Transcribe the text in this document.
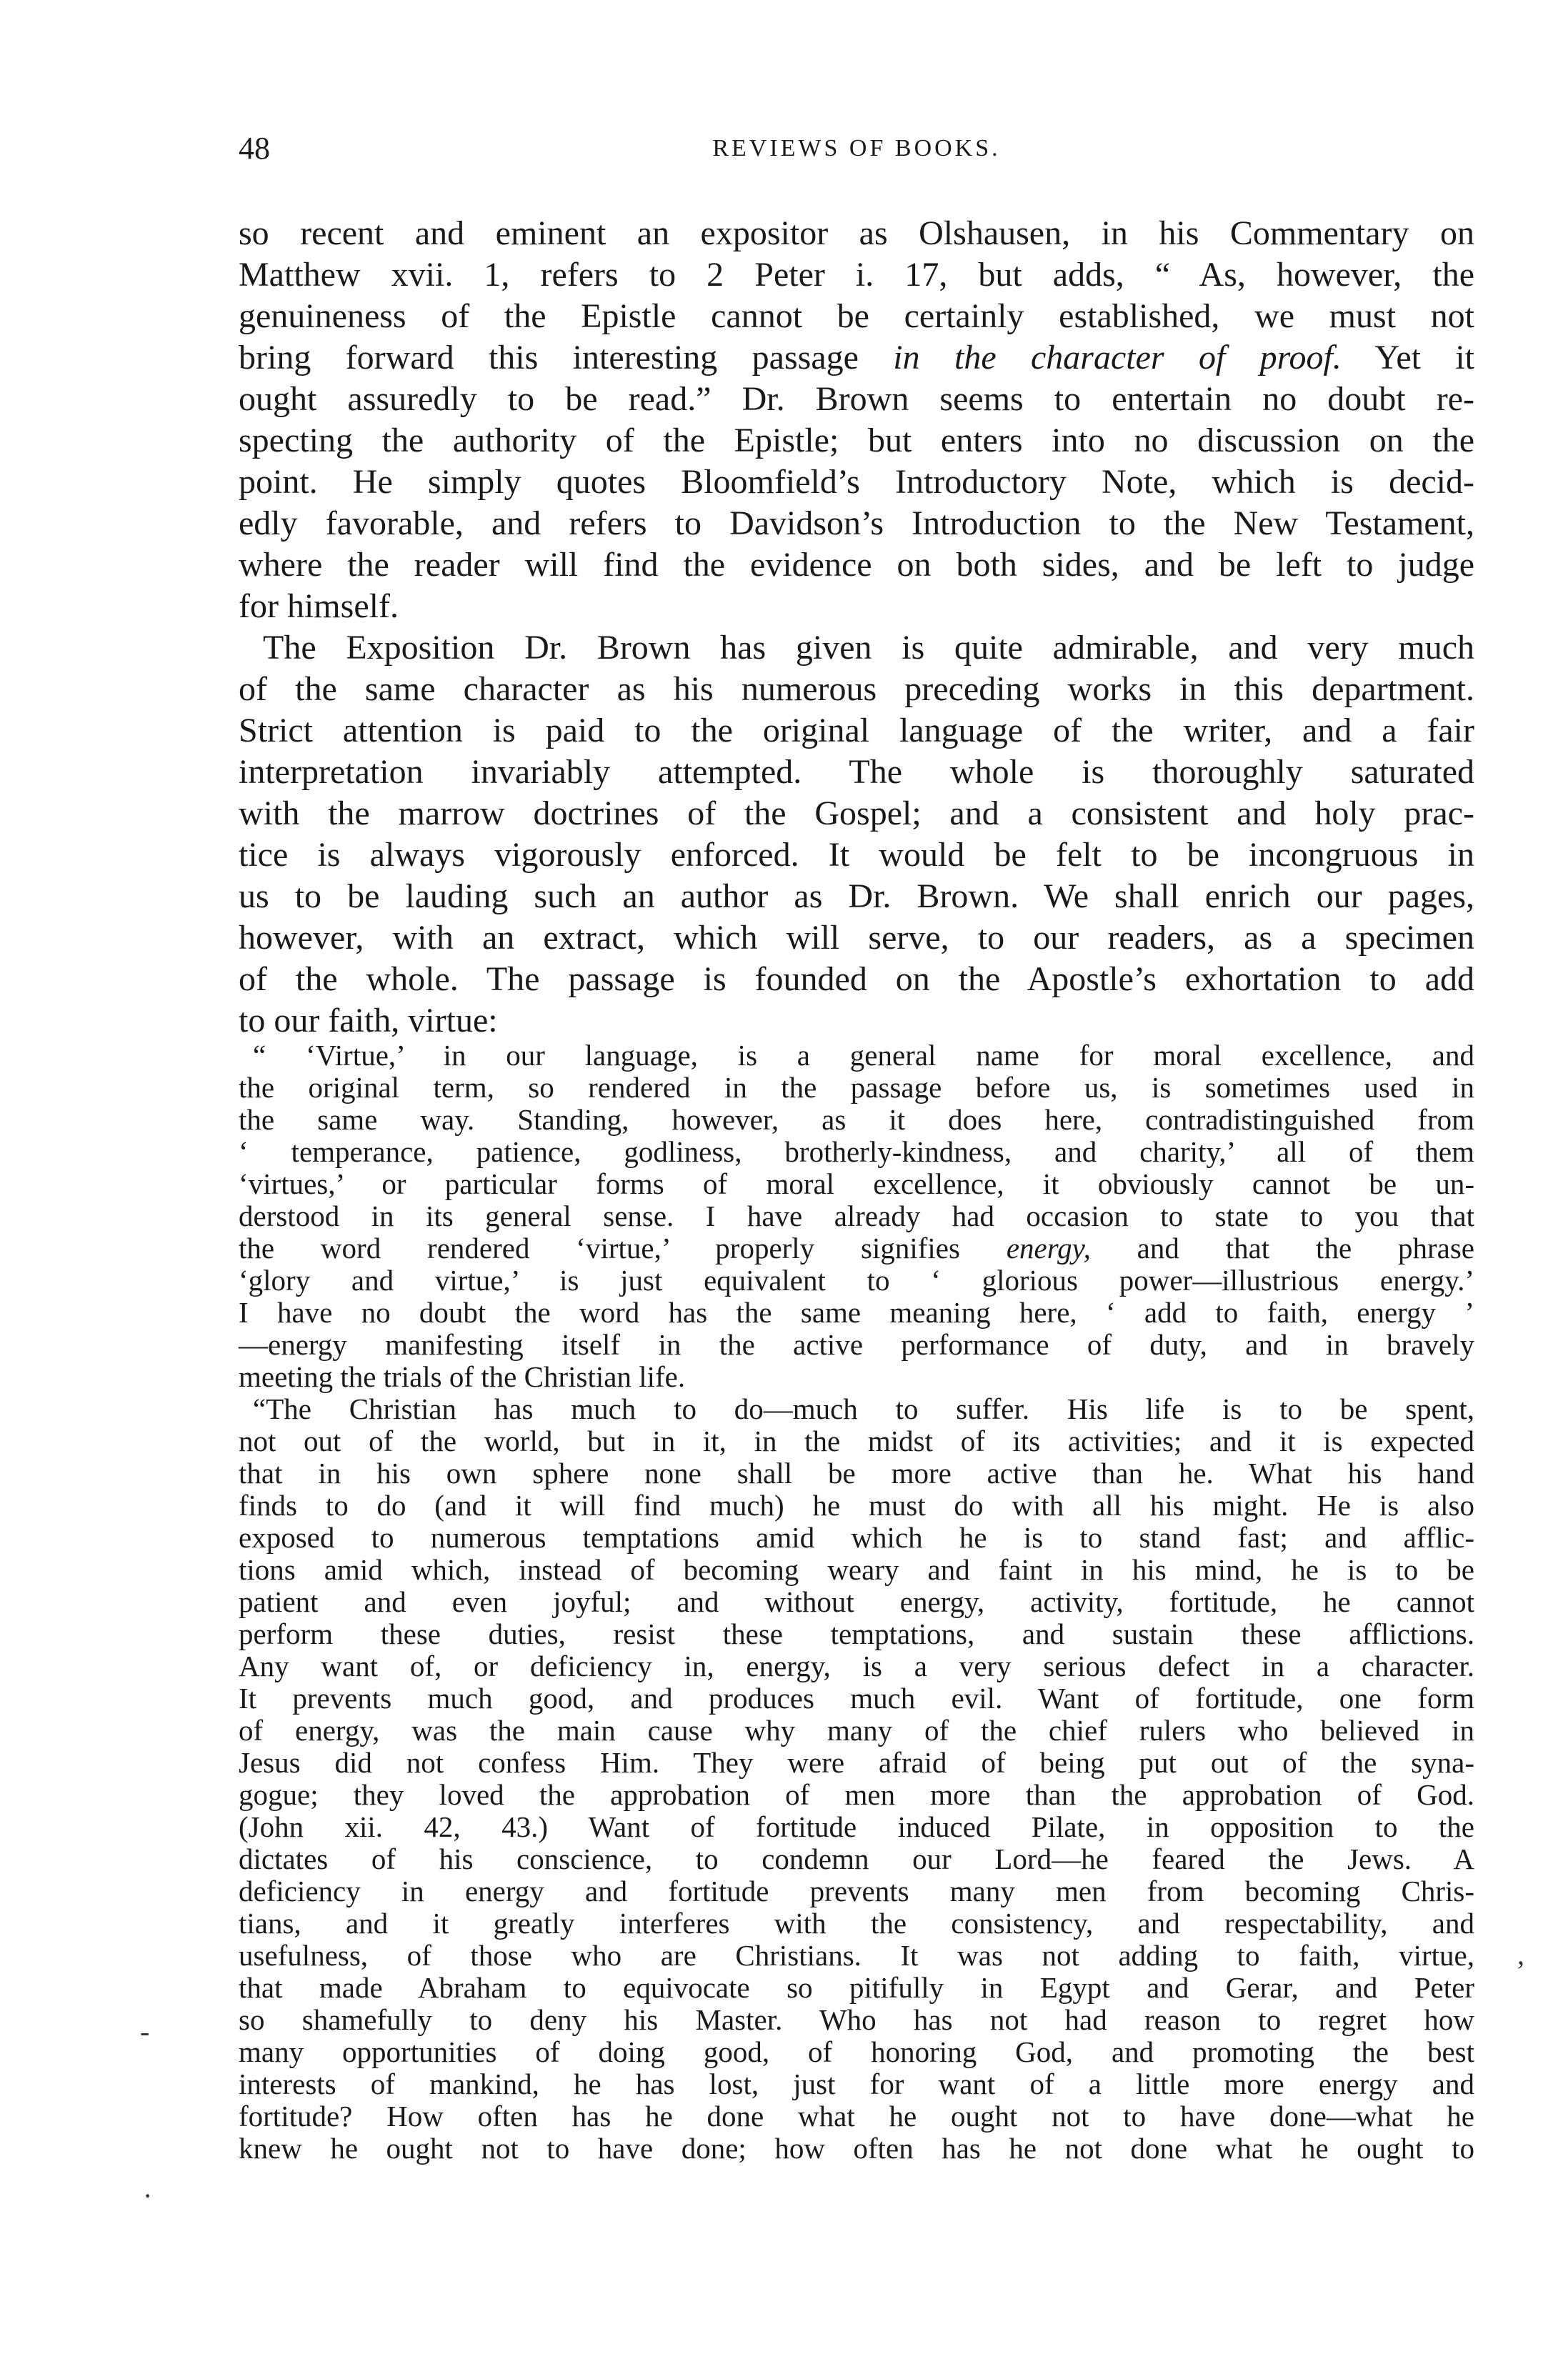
48	REVIEWS OF BOOKS.
so recent and eminent an expositor as Olshausen, in his Commentary on
Matthew xvii. 1, refers to 2 Peter i. 17, but adds, “ As, however, the
genuineness of the Epistle cannot be certainly established, we must not
bring forward this interesting passage in the character of proof. Yet it
ought assuredly to be read.” Dr. Brown seems to entertain no doubt re-
specting the authority of the Epistle; but enters into no discussion on the
point. He simply quotes Bloomfield’s Introductory Note, which is decid-
edly favorable, and refers to Davidson’s Introduction to the New Testament,
where the reader will find the evidence on both sides, and be left to judge
for himself.
The Exposition Dr. Brown has given is quite admirable, and very much
of the same character as his numerous preceding works in this department.
Strict attention is paid to the original language of the writer, and a fair
interpretation invariably attempted. The whole is thoroughly saturated
with the marrow doctrines of the Gospel; and a consistent and holy prac-
tice is always vigorously enforced. It would be felt to be incongruous in
us to be lauding such an author as Dr. Brown. We shall enrich our pages,
however, with an extract, which will serve, to our readers, as a specimen
of the whole. The passage is founded on the Apostle’s exhortation to add
to our faith, virtue:
“ ‘Virtue,’ in our language, is a general name for moral excellence, and
the original term, so rendered in the passage before us, is sometimes used in
the same way. Standing, however, as it does here, contradistinguished from
‘ temperance, patience, godliness, brotherly-kindness, and charity,’ all of them
‘virtues,’ or particular forms of moral excellence, it obviously cannot be un-
derstood in its general sense. I have already had occasion to state to you that
the word rendered ‘virtue,’ properly signifies energy, and that the phrase
‘glory and virtue,’ is just equivalent to ‘ glorious power—illustrious energy.’
I have no doubt the word has the same meaning here, ‘ add to faith, energy ’
—energy manifesting itself in the active performance of duty, and in bravely
meeting the trials of the Christian life.
“The Christian has much to do—much to suffer. His life is to be spent,
not out of the world, but in it, in the midst of its activities; and it is expected
that in his own sphere none shall be more active than he. What his hand
finds to do (and it will find much) he must do with all his might. He is also
exposed to numerous temptations amid which he is to stand fast; and afflic-
tions amid which, instead of becoming weary and faint in his mind, he is to be
patient and even joyful; and without energy, activity, fortitude, he cannot
perform these duties, resist these temptations, and sustain these afflictions.
Any want of, or deficiency in, energy, is a very serious defect in a character.
It prevents much good, and produces much evil. Want of fortitude, one form
of energy, was the main cause why many of the chief rulers who believed in
Jesus did not confess Him. They were afraid of being put out of the syna-
gogue; they loved the approbation of men more than the approbation of God.
(John xii. 42, 43.) Want of fortitude induced Pilate, in opposition to the
dictates of his conscience, to condemn our Lord—he feared the Jews. A
deficiency in energy and fortitude prevents many men from becoming Chris-
tians, and it greatly interferes with the consistency, and respectability, and
usefulness, of those who are Christians. It was not adding to faith, virtue,
that made Abraham to equivocate so pitifully in Egypt and Gerar, and Peter
so shamefully to deny his Master. Who has not had reason to regret how
many opportunities of doing good, of honoring God, and promoting the best
interests of mankind, he has lost, just for want of a little more energy and
fortitude? How often has he done what he ought not to have done—what he
knew he ought not to have done; how often has he not done what he ought to
-
·
’
